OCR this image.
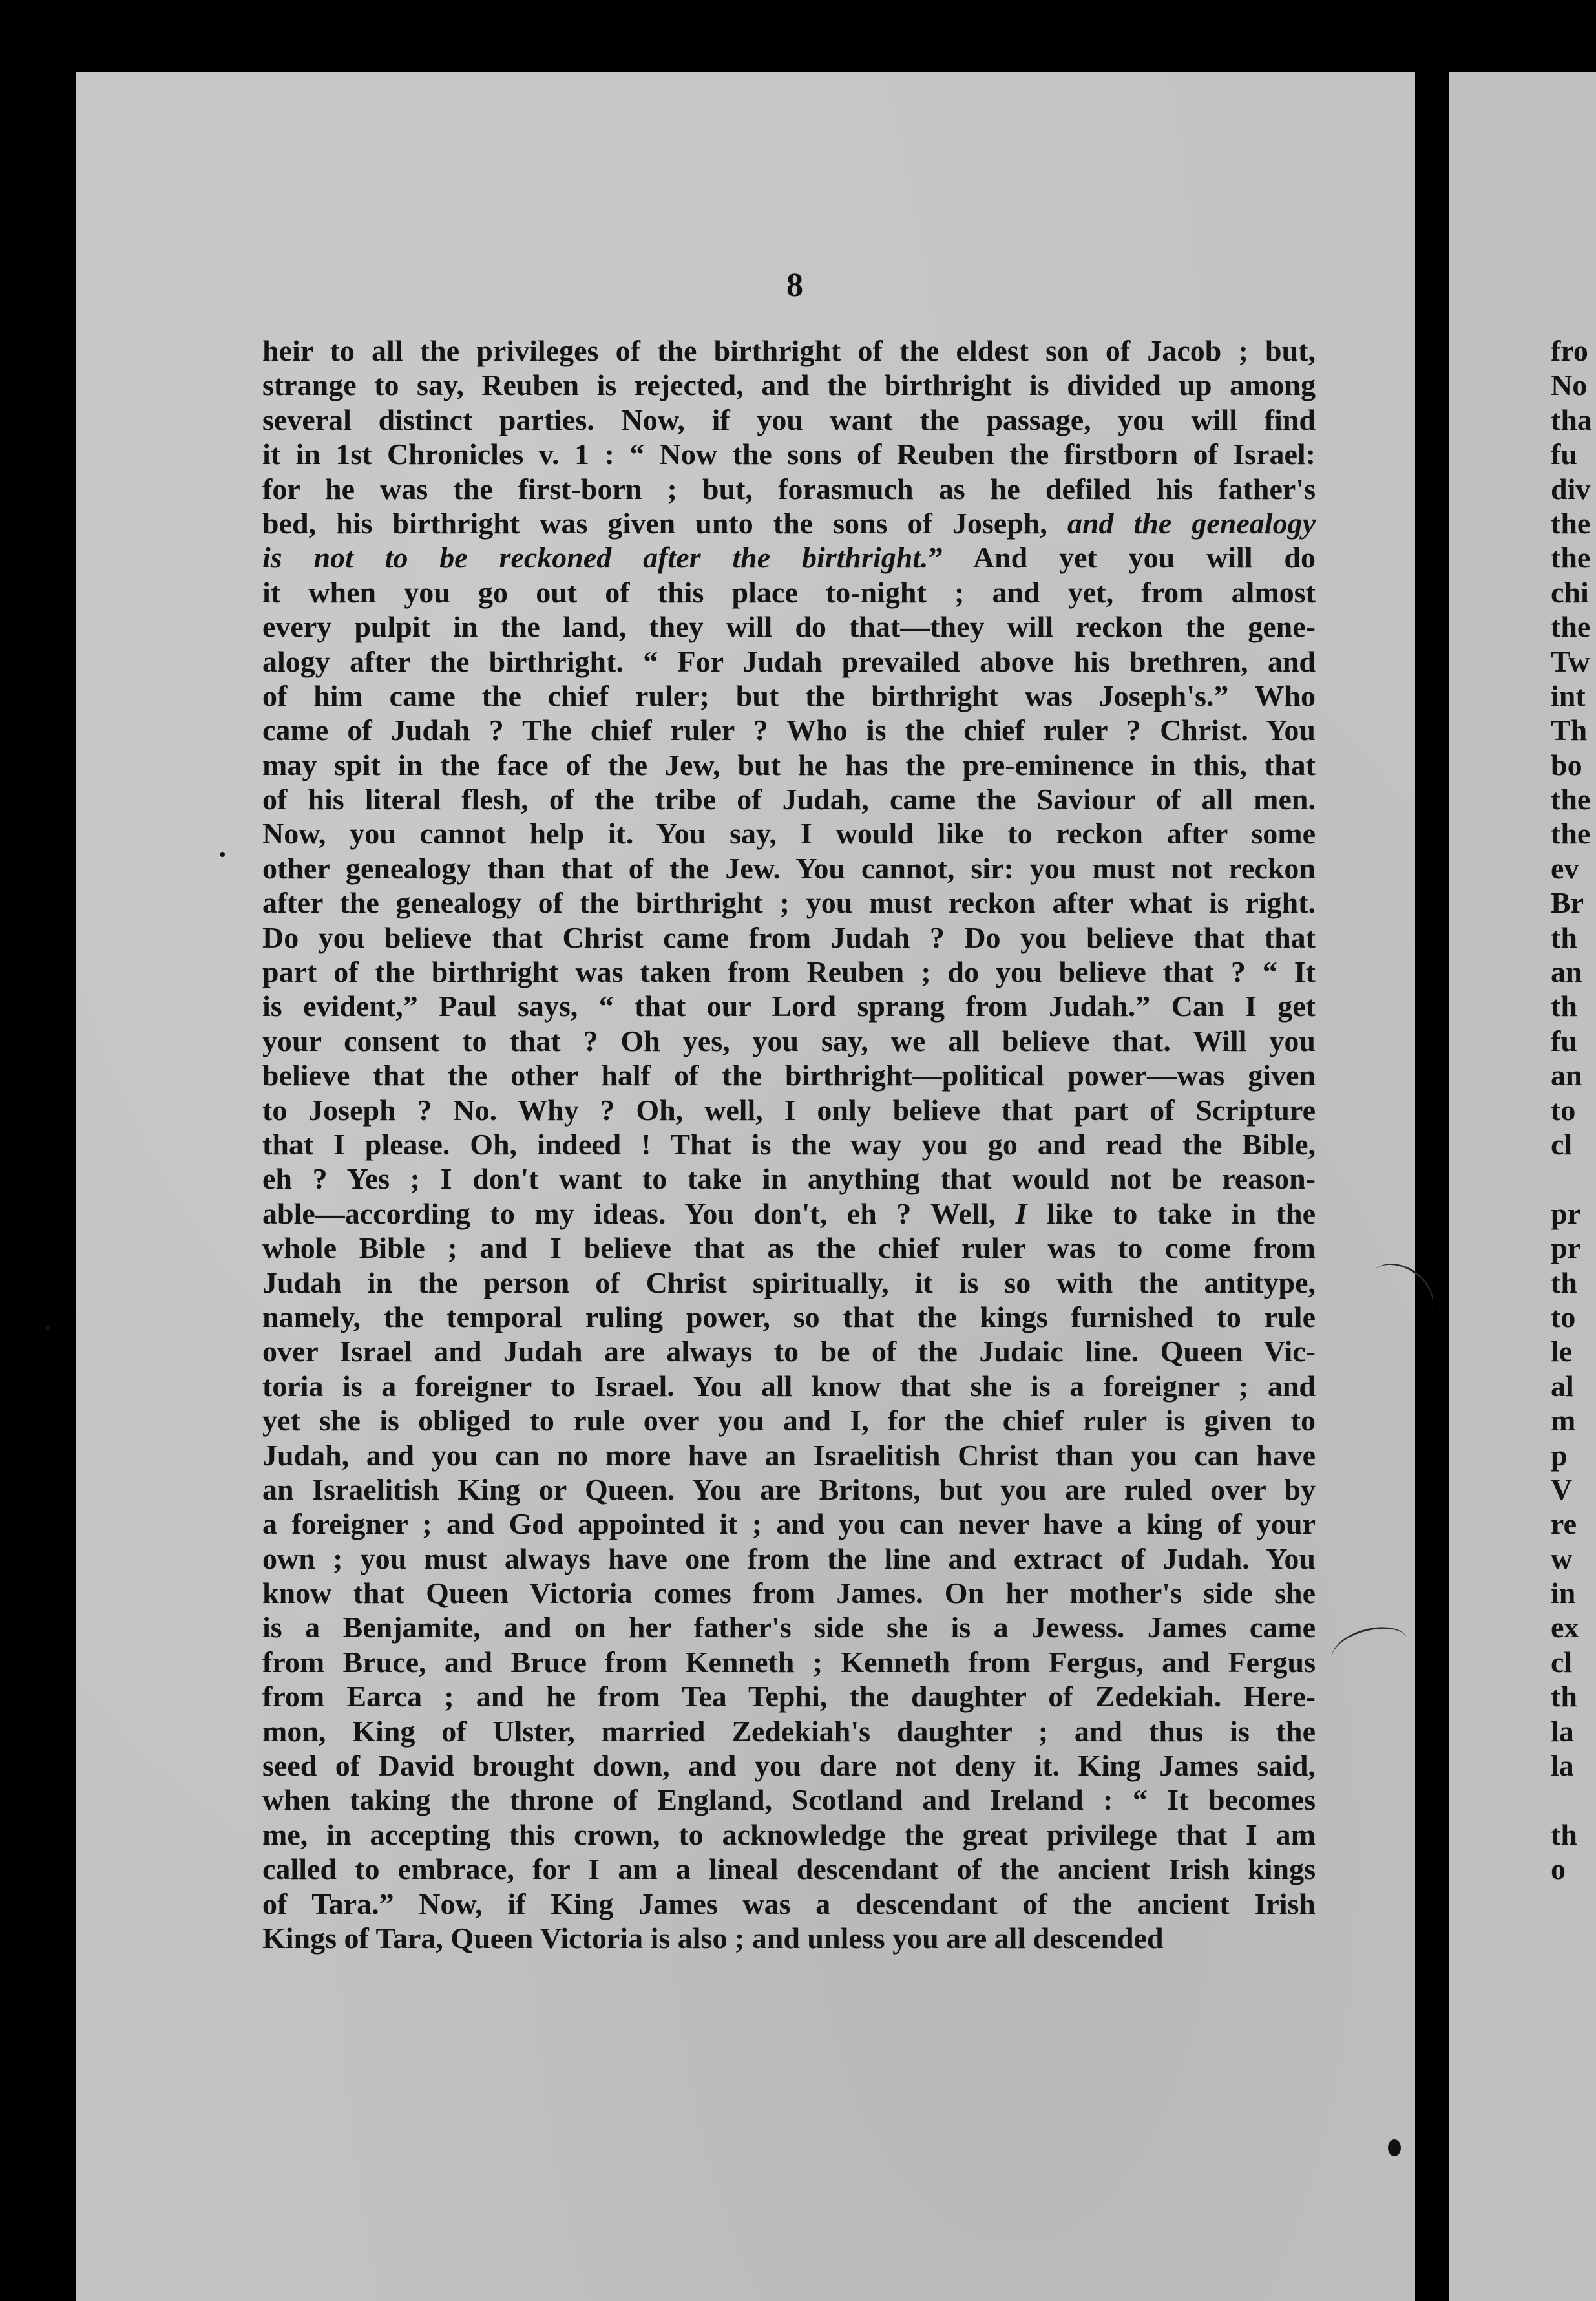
8
heir to all the privileges of the birthright of the eldest son of Jacob ; but,
strange to say, Reuben is rejected, and the birthright is divided up among
several distinct parties. Now, if you want the passage, you will find
it in 1st Chronicles v. 1 : “ Now the sons of Reuben the firstborn of Israel:
for he was the first-born ; but, forasmuch as he defiled his father's
bed, his birthright was given unto the sons of Joseph, and the genealogy
is not to be reckoned after the birthright.” And yet you will do
it when you go out of this place to-night ; and yet, from almost
every pulpit in the land, they will do that—they will reckon the gene-
alogy after the birthright. “ For Judah prevailed above his brethren, and
of him came the chief ruler; but the birthright was Joseph's.” Who
came of Judah ? The chief ruler ? Who is the chief ruler ? Christ. You
may spit in the face of the Jew, but he has the pre-eminence in this, that
of his literal flesh, of the tribe of Judah, came the Saviour of all men.
Now, you cannot help it. You say, I would like to reckon after some
other genealogy than that of the Jew. You cannot, sir: you must not reckon
after the genealogy of the birthright ; you must reckon after what is right.
Do you believe that Christ came from Judah ? Do you believe that that
part of the birthright was taken from Reuben ; do you believe that ? “ It
is evident,” Paul says, “ that our Lord sprang from Judah.” Can I get
your consent to that ? Oh yes, you say, we all believe that. Will you
believe that the other half of the birthright—political power—was given
to Joseph ? No. Why ? Oh, well, I only believe that part of Scripture
that I please. Oh, indeed ! That is the way you go and read the Bible,
eh ? Yes ; I don't want to take in anything that would not be reason-
able—according to my ideas. You don't, eh ? Well, I like to take in the
whole Bible ; and I believe that as the chief ruler was to come from
Judah in the person of Christ spiritually, it is so with the antitype,
namely, the temporal ruling power, so that the kings furnished to rule
over Israel and Judah are always to be of the Judaic line. Queen Vic-
toria is a foreigner to Israel. You all know that she is a foreigner ; and
yet she is obliged to rule over you and I, for the chief ruler is given to
Judah, and you can no more have an Israelitish Christ than you can have
an Israelitish King or Queen. You are Britons, but you are ruled over by
a foreigner ; and God appointed it ; and you can never have a king of your
own ; you must always have one from the line and extract of Judah. You
know that Queen Victoria comes from James. On her mother's side she
is a Benjamite, and on her father's side she is a Jewess. James came
from Bruce, and Bruce from Kenneth ; Kenneth from Fergus, and Fergus
from Earca ; and he from Tea Tephi, the daughter of Zedekiah. Here-
mon, King of Ulster, married Zedekiah's daughter ; and thus is the
seed of David brought down, and you dare not deny it. King James said,
when taking the throne of England, Scotland and Ireland : “ It becomes
me, in accepting this crown, to acknowledge the great privilege that I am
called to embrace, for I am a lineal descendant of the ancient Irish kings
of Tara.” Now, if King James was a descendant of the ancient Irish
Kings of Tara, Queen Victoria is also ; and unless you are all descended
fro
No
tha
fu
div
the
the
chi
the
Tw
int
Th
bo
the
the
ev
Br
th
an
th
fu
an
to
cl

pr
pr
th
to
le
al
m
p
V
re
w
in
ex
cl
th
la
la

th
o
